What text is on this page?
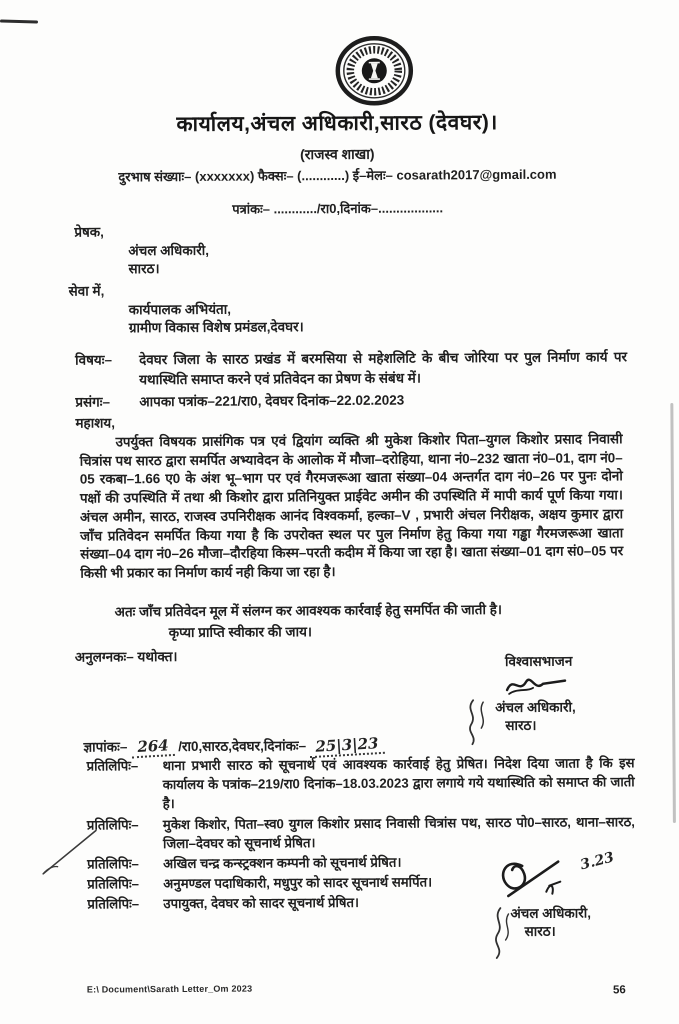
कार्यालय,अंचल अधिकारी,सारठ (देवघर)।
(राजस्व शाखा)
दुरभाष संख्याः– (xxxxxxx) फैक्सः– (............) ई–मेलः– cosarath2017@gmail.com
पत्रांकः– ............/रा0,दिनांक–..................
प्रेषक,
अंचल अधिकारी,
सारठ।
सेवा में,
कार्यपालक अभियंता,
ग्रामीण विकास विशेष प्रमंडल,देवघर।
विषयः–	देवघर जिला के सारठ प्रखंड में बरमसिया से महेशलिटि के बीच जोरिया पर पुल निर्माण कार्य पर यथास्थिति समाप्त करने एवं प्रतिवेदन का प्रेषण के संबंध में।
प्रसंगः–	आपका पत्रांक–221/रा0, देवघर दिनांक–22.02.2023
महाशय,
उपर्युक्त विषयक प्रासंगिक पत्र एवं द्वियांग व्यक्ति श्री मुकेश किशोर पिता–युगल किशोर प्रसाद निवासी चित्रांस पथ सारठ द्वारा समर्पित अभ्यावेदन के आलोक में मौजा–दरोहिया, थाना नं0–232 खाता नं0–01, दाग नं0–05 रकबा–1.66 ए0 के अंश भू–भाग पर एवं गैरमजरूआ खाता संख्या–04 अन्तर्गत दाग नं0–26 पर पुनः दोनो पक्षों की उपस्थिति में तथा श्री किशोर द्वारा प्रतिनियुक्त प्राईवेट अमीन की उपस्थिति में मापी कार्य पूर्ण किया गया। अंचल अमीन, सारठ, राजस्व उपनिरीक्षक आनंद विश्वकर्मा, हल्का–V , प्रभारी अंचल निरीक्षक, अक्षय कुमार द्वारा जाँच प्रतिवेदन समर्पित किया गया है कि उपरोक्त स्थल पर पुल निर्माण हेतु किया गया गड्ढा गैरमजरूआ खाता संख्या–04 दाग नं0–26 मौजा–दौरहिया किस्म–परती कदीम में किया जा रहा है। खाता संख्या–01 दाग सं0–05 पर किसी भी प्रकार का निर्माण कार्य नही किया जा रहा है।
अतः जाँच प्रतिवेदन मूल में संलग्न कर आवश्यक कार्रवाई हेतु समर्पित की जाती है।
कृप्या प्राप्ति स्वीकार की जाय।
अनुलग्नकः– यथोक्त।	विश्वासभाजन
अंचल अधिकारी,
सारठ।
ज्ञापांकः– 264 /रा0,सारठ,देवघर,दिनांकः– 25|3|23
प्रतिलिपिः–	थाना प्रभारी सारठ को सूचनार्थ एवं आवश्यक कार्रवाई हेतु प्रेषित। निदेश दिया जाता है कि इस कार्यालय के पत्रांक–219/रा0 दिनांक–18.03.2023 द्वारा लगाये गये यथास्थिति को समाप्त की जाती है।
प्रतिलिपिः–	मुकेश किशोर, पिता–स्व0 युगल किशोर प्रसाद निवासी चित्रांस पथ, सारठ पो0–सारठ, थाना–सारठ, जिला–देवघर को सूचनार्थ प्रेषित।
प्रतिलिपिः–	अखिल चन्द्र कन्स्ट्रक्शन कम्पनी को सूचनार्थ प्रेषित।
प्रतिलिपिः–	अनुमण्डल पदाधिकारी, मधुपुर को सादर सूचनार्थ समर्पित।
प्रतिलिपिः–	उपायुक्त, देवघर को सादर सूचनार्थ प्रेषित।
3.23
अंचल अधिकारी,
सारठ।
E:\ Document\Sarath Letter_Om 2023	56
